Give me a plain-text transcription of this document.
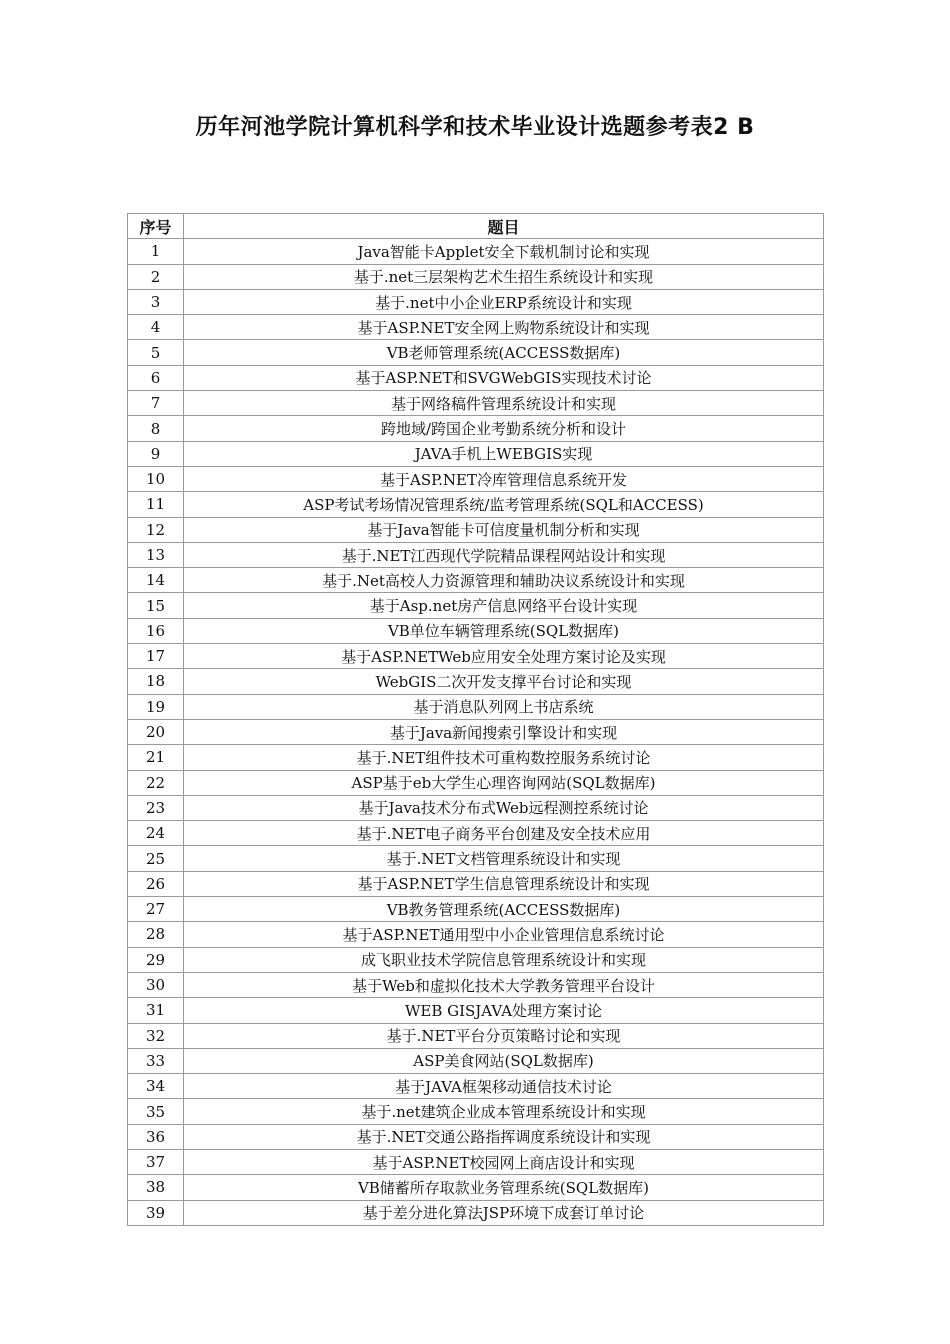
历年河池学院计算机科学和技术毕业设计选题参考表2 B
序号	题目
1	Java智能卡Applet安全下载机制讨论和实现
2	基于.net三层架构艺术生招生系统设计和实现
3	基于.net中小企业ERP系统设计和实现
4	基于ASP.NET安全网上购物系统设计和实现
5	VB老师管理系统(ACCESS数据库)
6	基于ASP.NET和SVGWebGIS实现技术讨论
7	基于网络稿件管理系统设计和实现
8	跨地域/跨国企业考勤系统分析和设计
9	JAVA手机上WEBGIS实现
10	基于ASP.NET冷库管理信息系统开发
11	ASP考试考场情况管理系统/监考管理系统(SQL和ACCESS)
12	基于Java智能卡可信度量机制分析和实现
13	基于.NET江西现代学院精品课程网站设计和实现
14	基于.Net高校人力资源管理和辅助决议系统设计和实现
15	基于Asp.net房产信息网络平台设计实现
16	VB单位车辆管理系统(SQL数据库)
17	基于ASP.NETWeb应用安全处理方案讨论及实现
18	WebGIS二次开发支撑平台讨论和实现
19	基于消息队列网上书店系统
20	基于Java新闻搜索引擎设计和实现
21	基于.NET组件技术可重构数控服务系统讨论
22	ASP基于eb大学生心理咨询网站(SQL数据库)
23	基于Java技术分布式Web远程测控系统讨论
24	基于.NET电子商务平台创建及安全技术应用
25	基于.NET文档管理系统设计和实现
26	基于ASP.NET学生信息管理系统设计和实现
27	VB教务管理系统(ACCESS数据库)
28	基于ASP.NET通用型中小企业管理信息系统讨论
29	成飞职业技术学院信息管理系统设计和实现
30	基于Web和虚拟化技术大学教务管理平台设计
31	WEB GISJAVA处理方案讨论
32	基于.NET平台分页策略讨论和实现
33	ASP美食网站(SQL数据库)
34	基于JAVA框架移动通信技术讨论
35	基于.net建筑企业成本管理系统设计和实现
36	基于.NET交通公路指挥调度系统设计和实现
37	基于ASP.NET校园网上商店设计和实现
38	VB储蓄所存取款业务管理系统(SQL数据库)
39	基于差分进化算法JSP环境下成套订单讨论
